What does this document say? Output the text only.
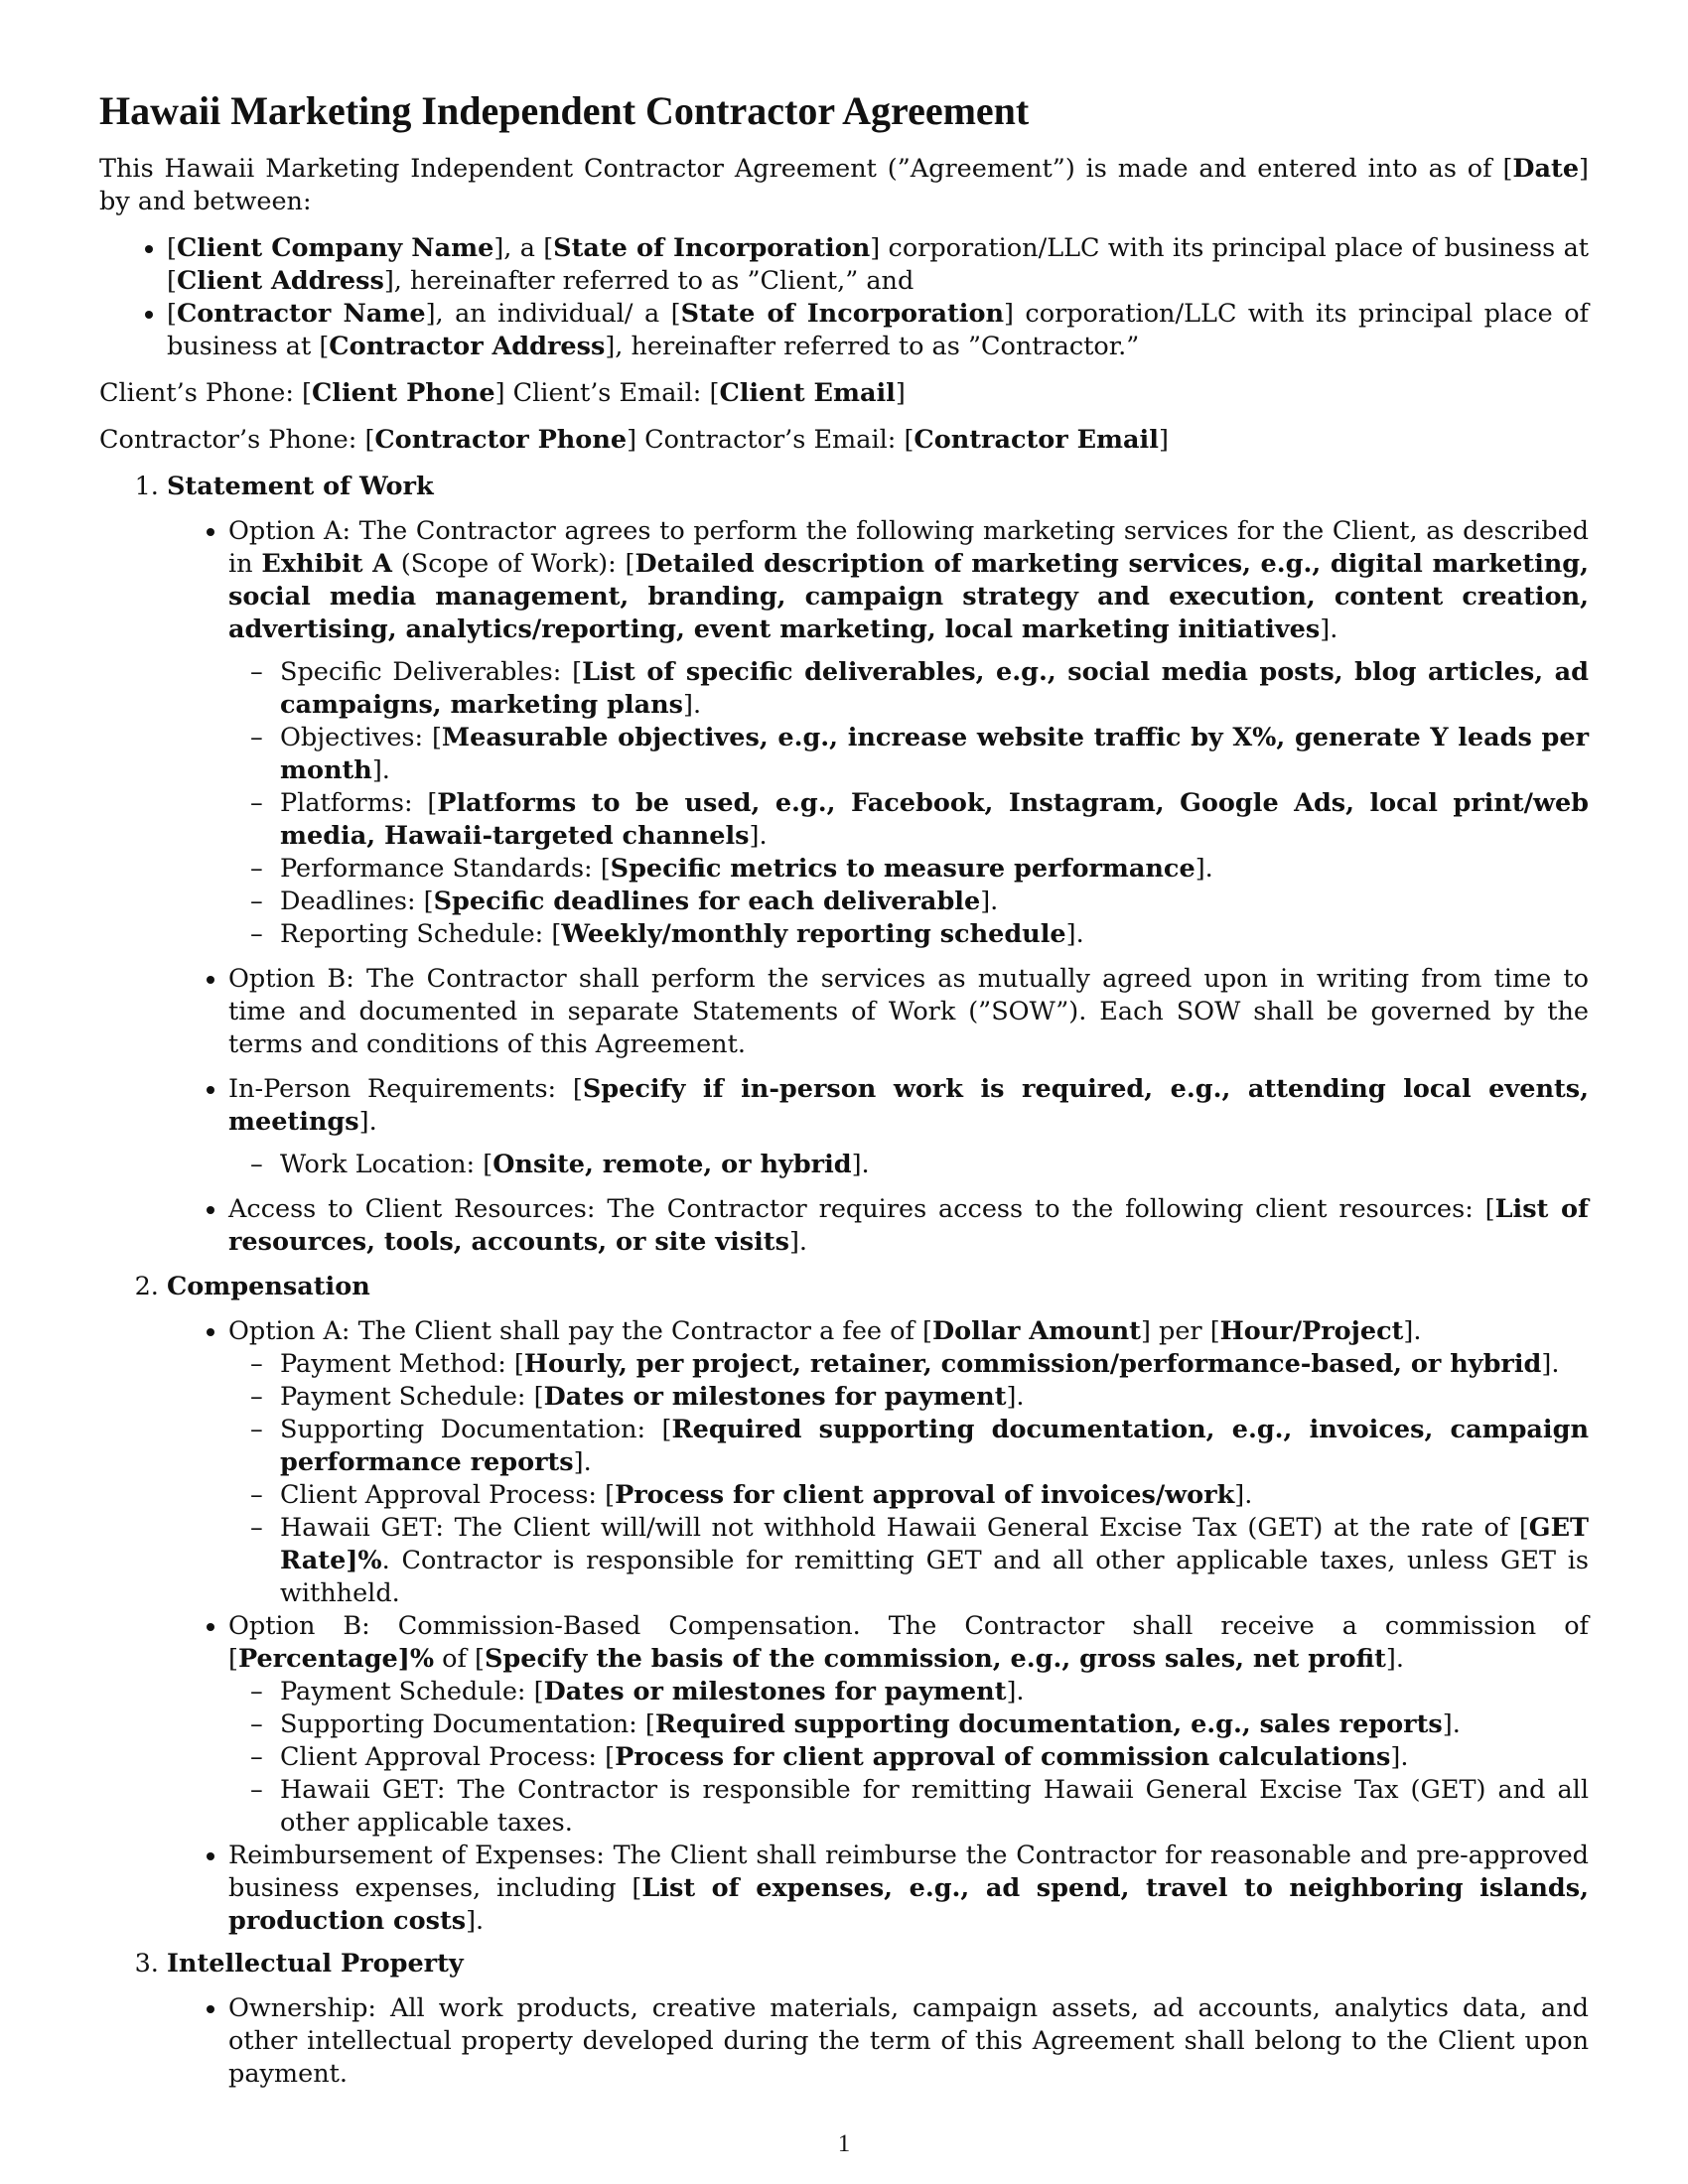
Hawaii Marketing Independent Contractor Agreement

This Hawaii Marketing Independent Contractor Agreement (”Agreement”) is made and entered into as of [Date] by and between:

• [Client Company Name], a [State of Incorporation] corporation/LLC with its principal place of business at [Client Address], hereinafter referred to as ”Client,” and
• [Contractor Name], an individual/ a [State of Incorporation] corporation/LLC with its principal place of business at [Contractor Address], hereinafter referred to as ”Contractor.”

Client’s Phone: [Client Phone] Client’s Email: [Client Email]

Contractor’s Phone: [Contractor Phone] Contractor’s Email: [Contractor Email]

1. Statement of Work
• Option A: The Contractor agrees to perform the following marketing services for the Client, as described in Exhibit A (Scope of Work): [Detailed description of marketing services, e.g., digital marketing, social media management, branding, campaign strategy and execution, content creation, advertising, analytics/reporting, event marketing, local marketing initiatives].
– Specific Deliverables: [List of specific deliverables, e.g., social media posts, blog articles, ad campaigns, marketing plans].
– Objectives: [Measurable objectives, e.g., increase website traffic by X%, generate Y leads per month].
– Platforms: [Platforms to be used, e.g., Facebook, Instagram, Google Ads, local print/web media, Hawaii-targeted channels].
– Performance Standards: [Specific metrics to measure performance].
– Deadlines: [Specific deadlines for each deliverable].
– Reporting Schedule: [Weekly/monthly reporting schedule].
• Option B: The Contractor shall perform the services as mutually agreed upon in writing from time to time and documented in separate Statements of Work (”SOW”). Each SOW shall be governed by the terms and conditions of this Agreement.
• In-Person Requirements: [Specify if in-person work is required, e.g., attending local events, meetings].
– Work Location: [Onsite, remote, or hybrid].
• Access to Client Resources: The Contractor requires access to the following client resources: [List of resources, tools, accounts, or site visits].
2. Compensation
• Option A: The Client shall pay the Contractor a fee of [Dollar Amount] per [Hour/Project].
– Payment Method: [Hourly, per project, retainer, commission/performance-based, or hybrid].
– Payment Schedule: [Dates or milestones for payment].
– Supporting Documentation: [Required supporting documentation, e.g., invoices, campaign performance reports].
– Client Approval Process: [Process for client approval of invoices/work].
– Hawaii GET: The Client will/will not withhold Hawaii General Excise Tax (GET) at the rate of [GET Rate]%. Contractor is responsible for remitting GET and all other applicable taxes, unless GET is withheld.
• Option B: Commission-Based Compensation. The Contractor shall receive a commission of [Percentage]% of [Specify the basis of the commission, e.g., gross sales, net profit].
– Payment Schedule: [Dates or milestones for payment].
– Supporting Documentation: [Required supporting documentation, e.g., sales reports].
– Client Approval Process: [Process for client approval of commission calculations].
– Hawaii GET: The Contractor is responsible for remitting Hawaii General Excise Tax (GET) and all other applicable taxes.
• Reimbursement of Expenses: The Client shall reimburse the Contractor for reasonable and pre-approved business expenses, including [List of expenses, e.g., ad spend, travel to neighboring islands, production costs].
3. Intellectual Property
• Ownership: All work products, creative materials, campaign assets, ad accounts, analytics data, and other intellectual property developed during the term of this Agreement shall belong to the Client upon payment.
1
